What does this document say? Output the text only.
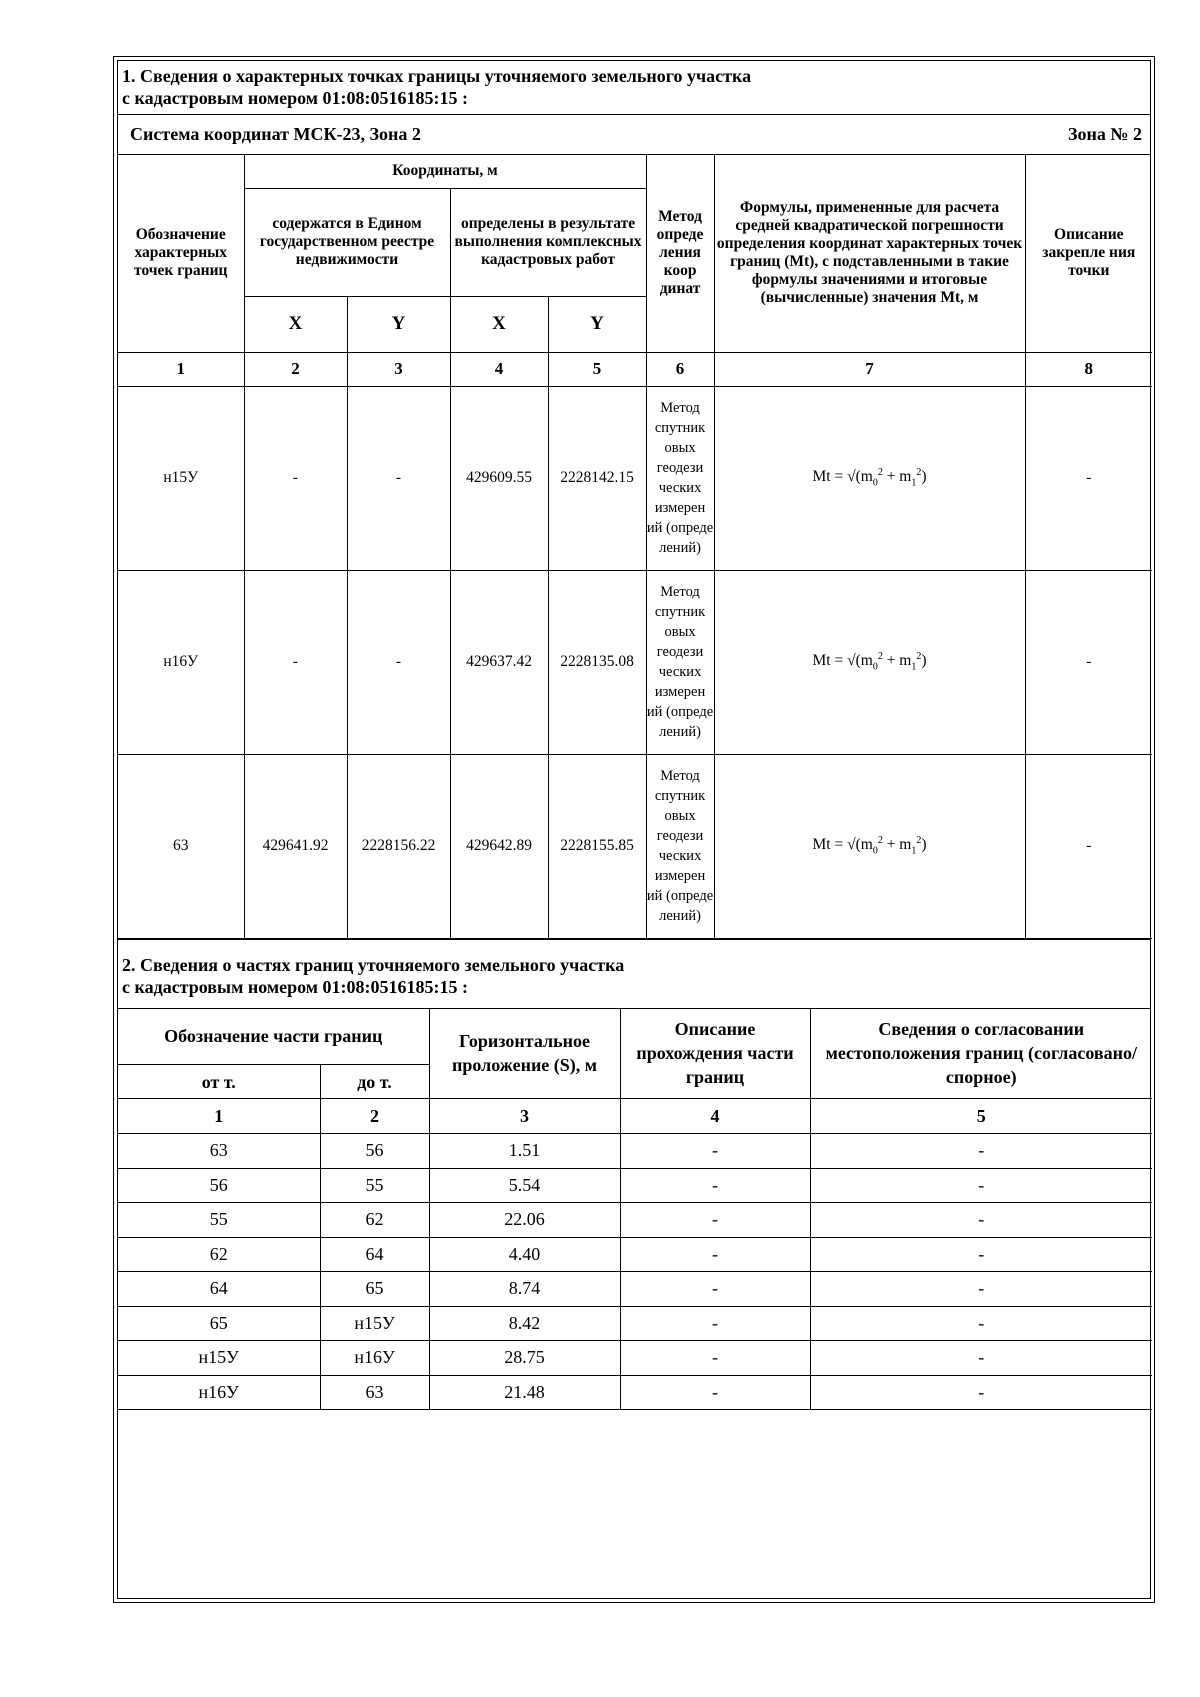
1. Сведения о характерных точках границы уточняемого земельного участка
с кадастровым номером 01:08:0516185:15 :
Система координат МСК-23, Зона 2	Зона № 2
Обозначение характерных точек границ	Координаты, м				Метод опреде ления коор динат	Формулы, примененные для расчета средней квадратической погрешности определения координат характерных точек границ (Mt), с подставленными в такие формулы значениями и итоговые (вычисленные) значения Mt, м	Описание закрепле ния точки
	содержатся в Едином государственном реестре недвижимости		определены в результате выполнения комплексных кадастровых работ				
	X	Y	X	Y			
1	2	3	4	5	6	7	8
н15У	-	-	429609.55	2228142.15	Метод спутник овых геодези ческих измерен ий (опреде лений)	$Mt = √(m_0^2 + m_1^2)$	-
н16У	-	-	429637.42	2228135.08	Метод спутник овых геодези ческих измерен ий (опреде лений)	$Mt = √(m_0^2 + m_1^2)$	-
63	429641.92	2228156.22	429642.89	2228155.85	Метод спутник овых геодези ческих измерен ий (опреде лений)	$Mt = √(m_0^2 + m_1^2)$	-
2. Сведения о частях границ уточняемого земельного участка
с кадастровым номером 01:08:0516185:15 :
Обозначение части границ		Горизонтальное проложение (S), м	Описание прохождения части границ	Сведения о согласовании местоположения границ (согласовано/спорное)
от т.	до т.			
1	2	3	4	5
63	56	1.51	-	-
56	55	5.54	-	-
55	62	22.06	-	-
62	64	4.40	-	-
64	65	8.74	-	-
65	н15У	8.42	-	-
н15У	н16У	28.75	-	-
н16У	63	21.48	-	-
